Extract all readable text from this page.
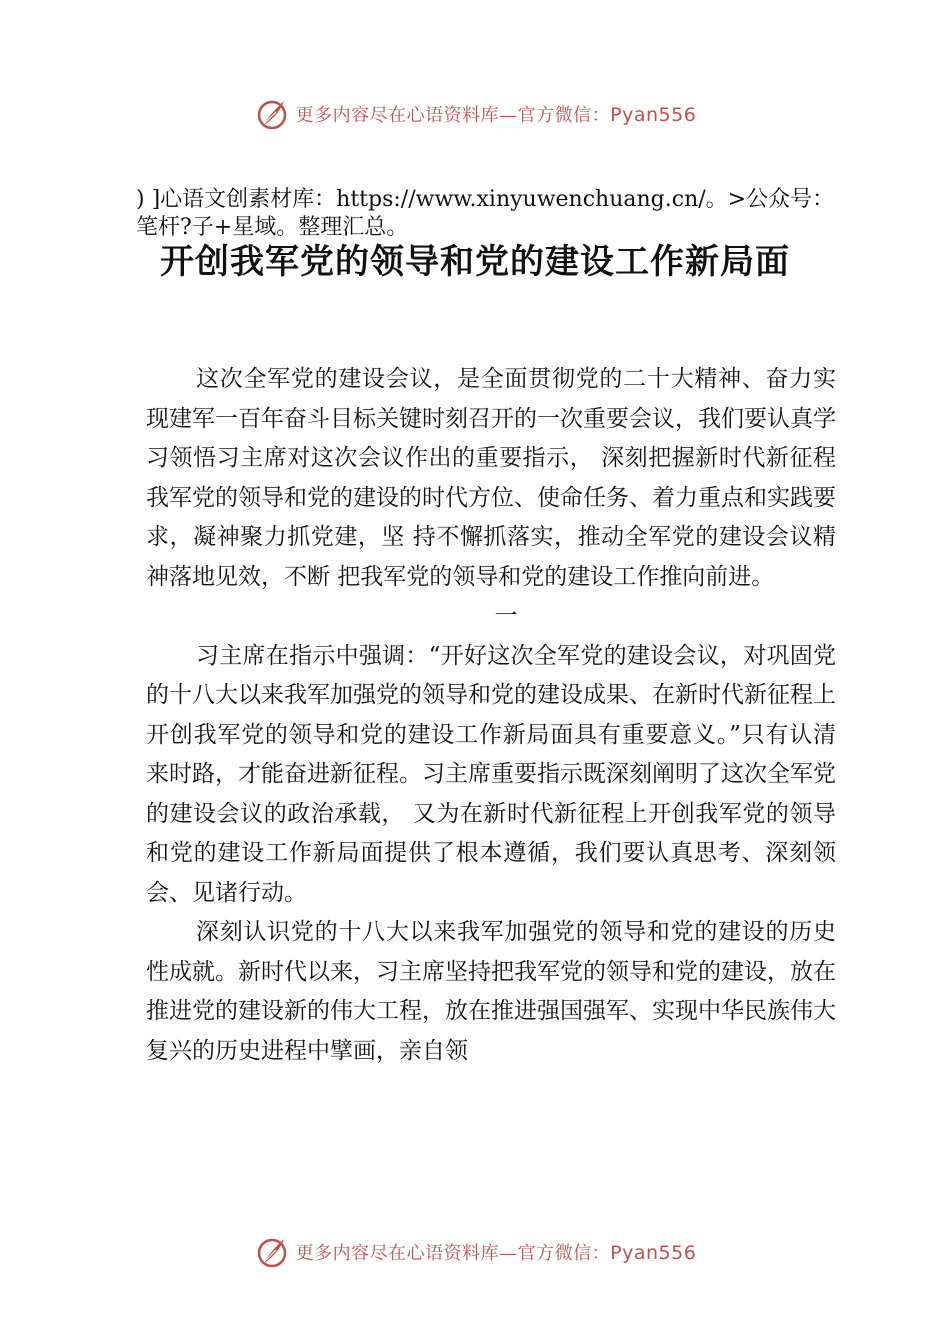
更多内容尽在心语资料库—官方微信：Pyan556
) ]心语文创素材库：https://www.xinyuwenchuang.cn/。>公众号：笔杆?子+星域。整理汇总。
开创我军党的领导和党的建设工作新局面

这次全军党的建设会议，是全面贯彻党的二十大精神、奋力实现建军一百年奋斗目标关键时刻召开的一次重要会议，我们要认真学习领悟习主席对这次会议作出的重要指示， 深刻把握新时代新征程我军党的领导和党的建设的时代方位、使命任务、着力重点和实践要求，凝神聚力抓党建，坚 持不懈抓落实，推动全军党的建设会议精神落地见效，不断 把我军党的领导和党的建设工作推向前进。

一

习主席在指示中强调：“开好这次全军党的建设会议，对巩固党的十八大以来我军加强党的领导和党的建设成果、在新时代新征程上开创我军党的领导和党的建设工作新局面具有重要意义。”只有认清来时路，才能奋进新征程。习主席重要指示既深刻阐明了这次全军党的建设会议的政治承载， 又为在新时代新征程上开创我军党的领导和党的建设工作新局面提供了根本遵循，我们要认真思考、深刻领会、见诸行动。

深刻认识党的十八大以来我军加强党的领导和党的建设的历史性成就。新时代以来，习主席坚持把我军党的领导和党的建设，放在推进党的建设新的伟大工程，放在推进强国强军、实现中华民族伟大复兴的历史进程中擘画，亲自领

更多内容尽在心语资料库—官方微信：Pyan556
